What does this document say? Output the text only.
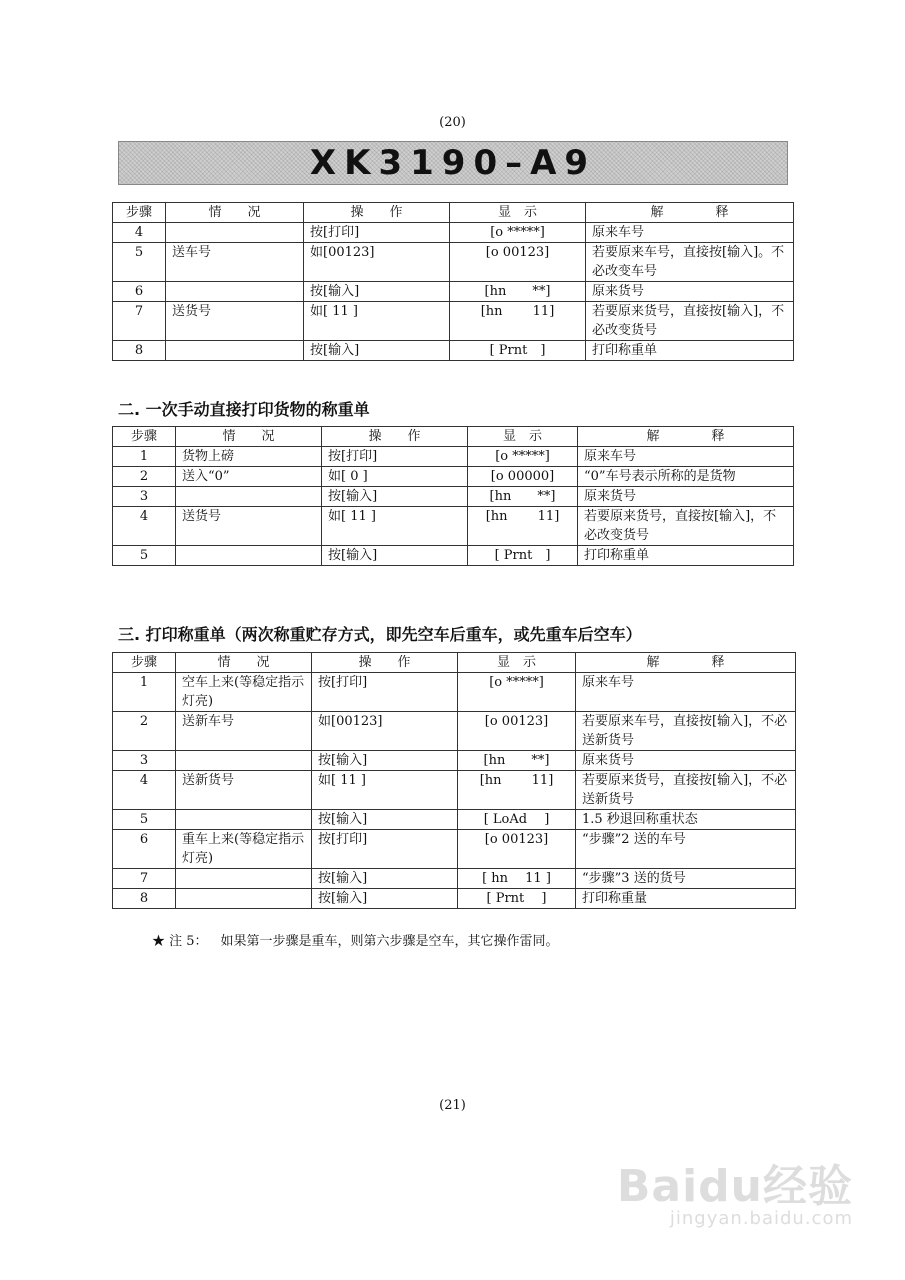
(20)
XK3190–A9
步骤	情　　况	操　　作	显　示	解　　　　释
4		按[打印]	[o *****]	原来车号
5	送车号	如[00123]	[o 00123]	若要原来车号，直接按[输入]。不必改变车号
6		按[输入]	[hn  **]	原来货号
7	送货号	如[ 11 ]	[hn   11]	若要原来货号，直接按[输入]，不必改变货号
8		按[输入]	[ Prnt ]	打印称重单
二. 一次手动直接打印货物的称重单
步骤	情　　况	操　　作	显　示	解　　　　释
1	货物上磅	按[打印]	[o *****]	原来车号
2	送入“0”	如[ 0 ]	[o 00000]	“0”车号表示所称的是货物
3		按[输入]	[hn  **]	原来货号
4	送货号	如[ 11 ]	[hn   11]	若要原来货号，直接按[输入]，不必改变货号
5		按[输入]	[ Prnt ]	打印称重单
三. 打印称重单（两次称重贮存方式，即先空车后重车，或先重车后空车）
步骤	情　　况	操　　作	显　示	解　　　　释
1	空车上来(等稳定指示灯亮)	按[打印]	[o *****]	原来车号
2	送新车号	如[00123]	[o 00123]	若要原来车号，直接按[输入]，不必送新货号
3		按[输入]	[hn  **]	原来货号
4	送新货号	如[ 11 ]	[hn   11]	若要原来货号，直接按[输入]，不必送新货号
5		按[输入]	[ LoAd  ]	1.5 秒退回称重状态
6	重车上来(等稳定指示灯亮)	按[打印]	[o 00123]	“步骤”2 送的车号
7		按[输入]	[ hn  11 ]	“步骤”3 送的货号
8		按[输入]	[ Prnt  ]	打印称重量
★ 注 5： 如果第一步骤是重车，则第六步骤是空车，其它操作雷同。
(21)
Baidu经验
jingyan.baidu.com
